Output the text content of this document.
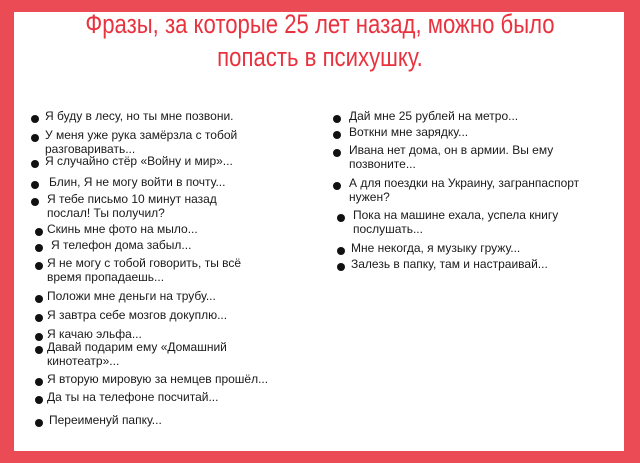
Фразы, за которые 25 лет назад, можно было
попасть в психушку.
Я буду в лесу, но ты мне позвони.
У меня уже рука замёрзла с тобой разговаривать...
Я случайно стёр «Войну и мир»...
Блин, Я не могу войти в почту...
Я тебе письмо 10 минут назад послал! Ты получил?
Скинь мне фото на мыло...
Я телефон дома забыл...
Я не могу с тобой говорить, ты всё время пропадаешь...
Положи мне деньги на трубу...
Я завтра себе мозгов докуплю...
Я качаю эльфа...
Давай подарим ему «Домашний кинотеатр»...
Я вторую мировую за немцев прошёл...
Да ты на телефоне посчитай...
Переименуй папку...
Дай мне 25 рублей на метро...
Воткни мне зарядку...
Ивана нет дома, он в армии. Вы ему позвоните...
А для поездки на Украину, загранпаспорт нужен?
Пока на машине ехала, успела книгу послушать...
Мне некогда, я музыку гружу...
Залезь в папку, там и настраивай...
